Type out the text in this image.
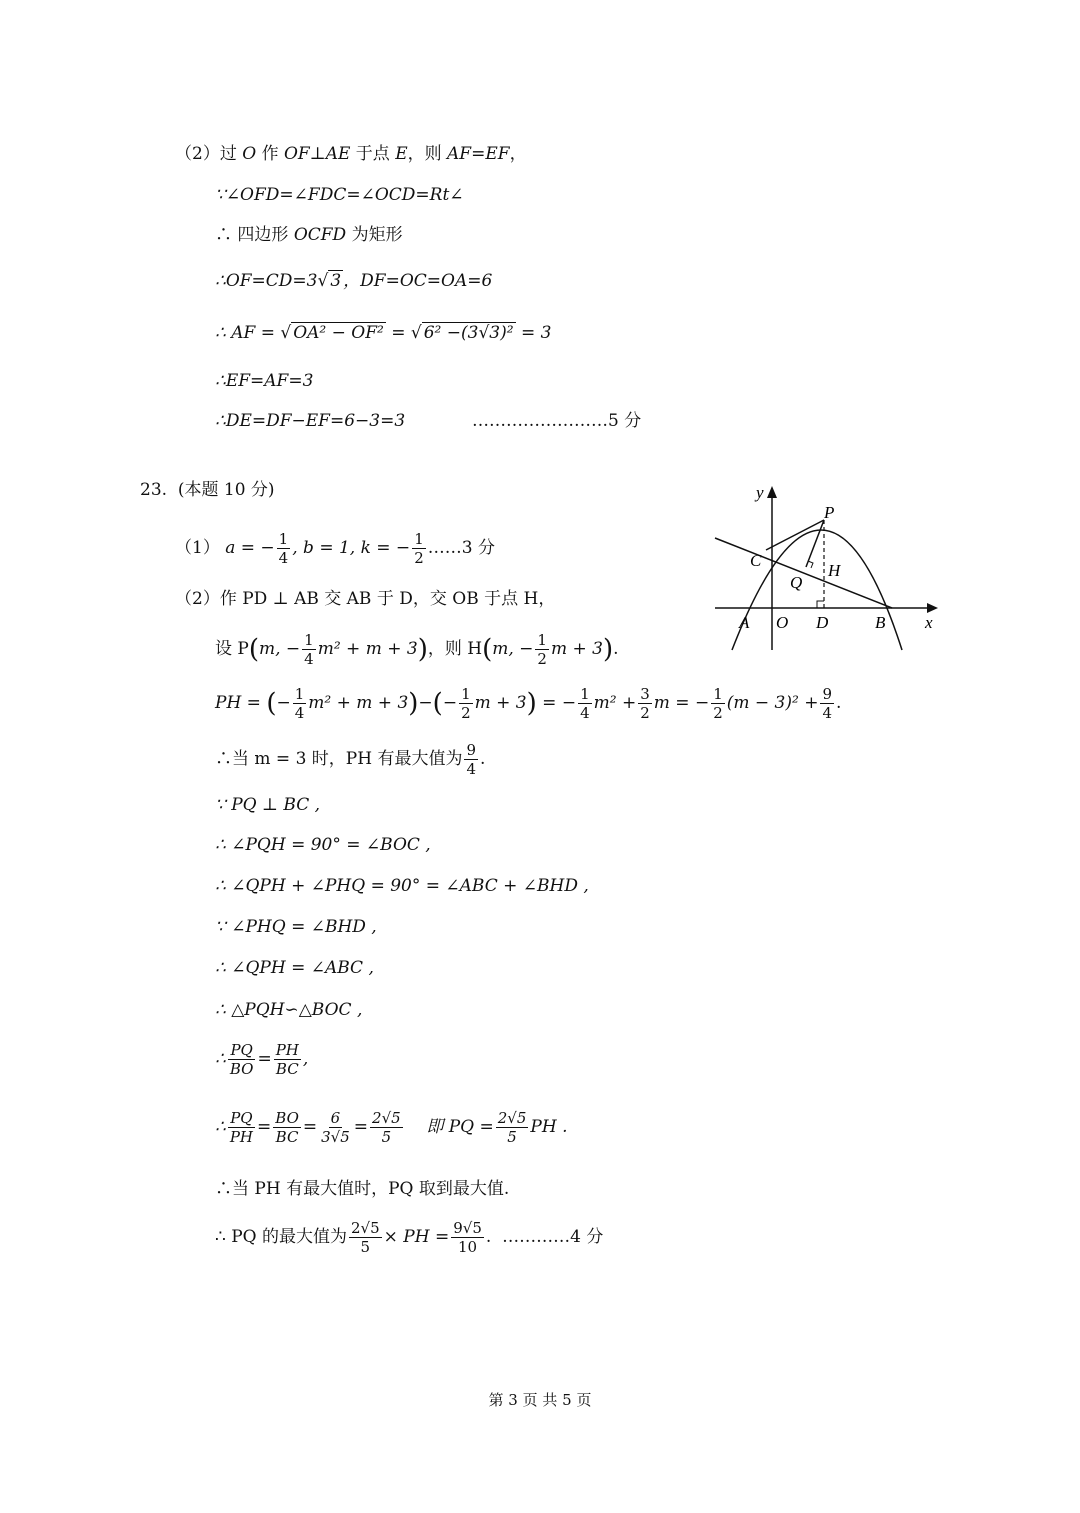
（2）过 O 作 OF⊥AE 于点 E，则 AF=EF，
∵∠OFD=∠FDC=∠OCD=Rt∠
∴ 四边形 OCFD 为矩形
∴OF=CD=3√ 3 ，DF=OC=OA=6
∴ AF = √ OA² − OF² = √ 6² −(3√3)² = 3
∴EF=AF=3
∴DE=DF−EF=6−3=3	……………………5 分
23. (本题 10 分)
（1） a = − $\frac{1}{4}$ , b = 1, k = − $\frac{1}{2}$ ……3 分
（2）作 PD ⊥ AB 交 AB 于 D，交 OB 于点 H，
设 P(m, − $\frac{1}{4} m^2 + m + 3$)，则 H(m, − $\frac{1}{2}$ m + 3).
PH = (− $\frac{1}{4} m^2 + m + 3)-(- \frac{1}{2}$ m + 3) = − $\frac{1}{4} m^2 + \frac{3}{2}$ m = − $\frac{1}{2} (m - 3)^2 + \frac{9}{4}$ .
∴当 m = 3 时，PH 有最大值为 $\frac{9}{4}$ .
∵ PQ ⊥ BC ,
∴ ∠PQH = 90° = ∠BOC ,
∴ ∠QPH + ∠PHQ = 90° = ∠ABC + ∠BHD ,
∵ ∠PHQ = ∠BHD ,
∴ ∠QPH = ∠ABC ,
∴ △PQH∽△BOC ,
∴ $\frac{PQ}{BO} = \frac{PH}{BC}$ ,
∴ $\frac{PQ}{PH} = \frac{BO}{BC} = \frac{6}{3√5} = \frac{2√5}{5}$ 即 PQ = $\frac{2√5}{5}$ PH .
∴当 PH 有最大值时，PQ 取到最大值.
∴ PQ 的最大值为 $\frac{2√5}{5}$ × PH = $\frac{9√5}{10}$ . …………4 分
y
x
P
C
Q
H
A O D	B
第 3 页 共 5 页
